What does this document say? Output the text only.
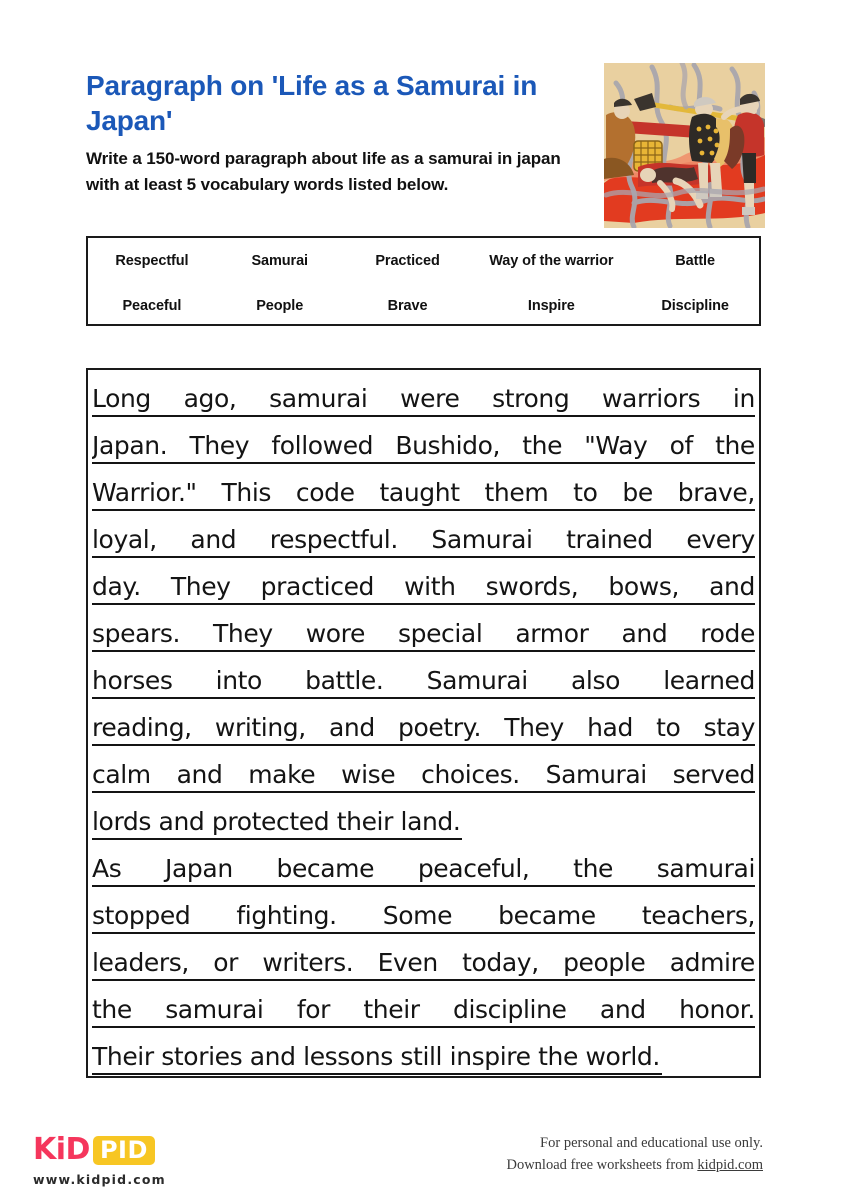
Paragraph on 'Life as a Samurai in Japan'

Write a 150-word paragraph about life as a samurai in japan with at least 5 vocabulary words listed below.

Respectful	Samurai	Practiced	Way of the warrior	Battle
Peaceful	People	Brave	Inspire	Discipline
Long ago, samurai were strong warriors in
Japan. They followed Bushido, the "Way of the
Warrior." This code taught them to be brave,
loyal, and respectful. Samurai trained every
day. They practiced with swords, bows, and
spears. They wore special armor and rode
horses into battle. Samurai also learned
reading, writing, and poetry. They had to stay
calm and make wise choices. Samurai served
lords and protected their land.
As Japan became peaceful, the samurai
stopped fighting. Some became teachers,
leaders, or writers. Even today, people admire
the samurai for their discipline and honor.
Their stories and lessons still inspire the world.
KiD PID
www.kidpid.com
For personal and educational use only.
Download free worksheets from kidpid.com
